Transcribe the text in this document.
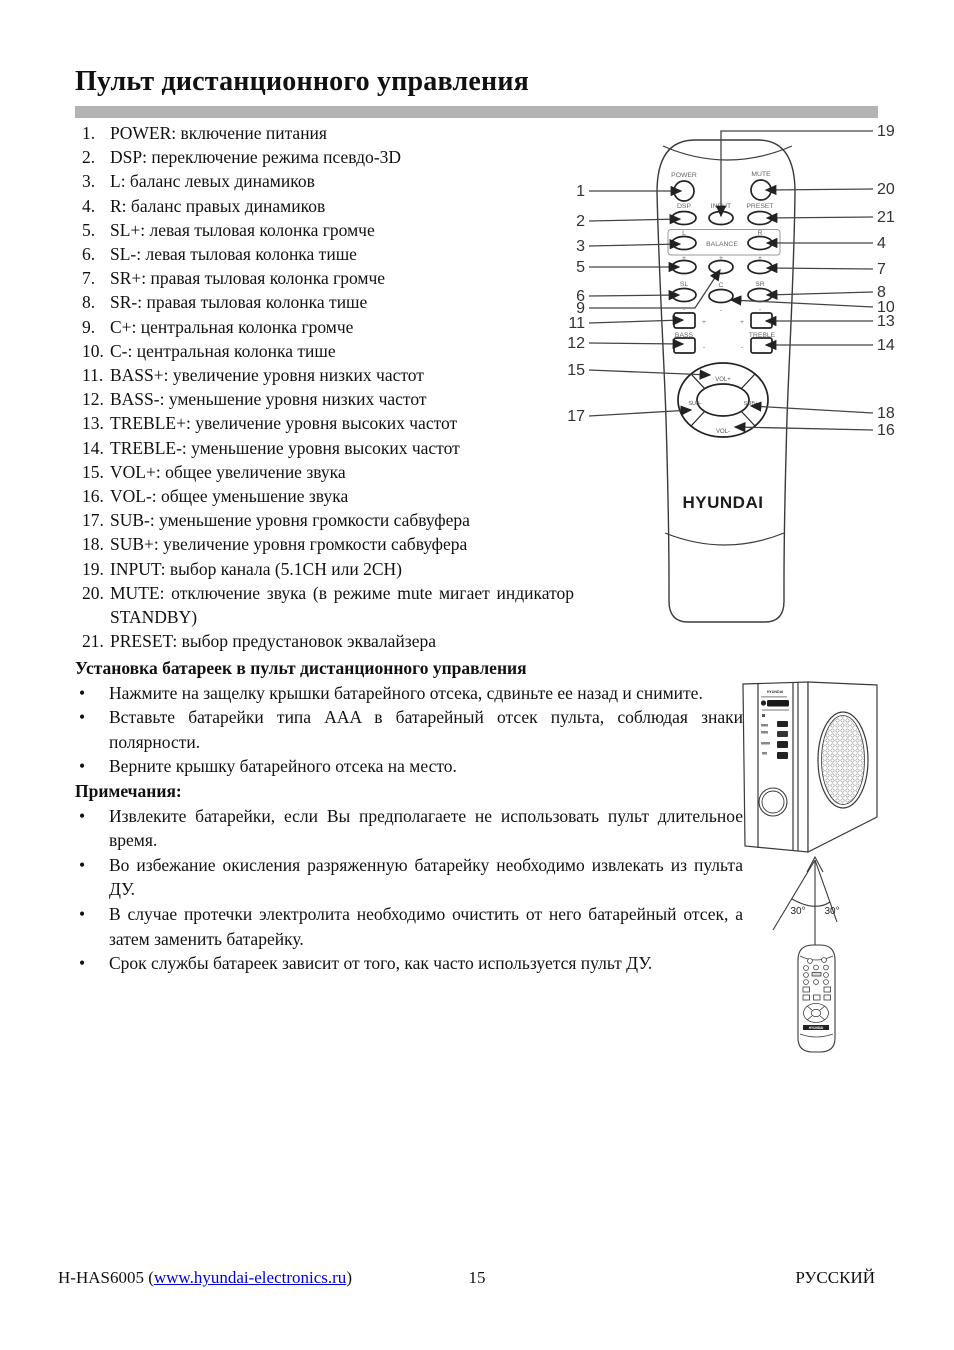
Пульт дистанционного управления
1. POWER: включение питания
2. DSP: переключение режима псевдо-3D
3. L: баланс левых динамиков
4. R: баланс правых динамиков
5. SL+: левая тыловая колонка громче
6. SL-: левая тыловая колонка тише
7. SR+: правая тыловая колонка громче
8. SR-: правая тыловая колонка тише
9. C+: центральная колонка громче
10. C-: центральная колонка тише
11. BASS+: увеличение уровня низких частот
12. BASS-: уменьшение уровня низких частот
13. TREBLE+: увеличение уровня высоких частот
14. TREBLE-: уменьшение уровня высоких частот
15. VOL+: общее увеличение звука
16. VOL-: общее уменьшение звука
17. SUB-: уменьшение уровня громкости сабвуфера
18. SUB+: увеличение уровня громкости сабвуфера
19. INPUT: выбор канала (5.1CH или 2CH)
20. MUTE: отключение звука (в режиме mute мигает индикатор STANDBY)
21. PRESET: выбор предустановок эквалайзера
POWER	MUTE
DSP	INPUT PRESET
L	R
BALANCE
+	+	+
SL	C	SR
-	-	-
+
-
+
-
BASS	TREBLE
VOL+
VOL-
SUB-	SUB+
HYUNDAI
1
2
3
5
6
9
11
12
15
17
19
20
21
4
7
8
10
13
14
18
16
Установка батареек в пульт дистанционного управления
•	Нажмите на защелку крышки батарейного отсека, сдвиньте ее назад и снимите.
•	Вставьте батарейки типа AAA в батарейный отсек пульта, соблюдая знаки полярности.
•	Верните крышку батарейного отсека на место.
Примечания:
•	Извлеките батарейки, если Вы предполагаете не использовать пульт длительное время.
•	Во избежание окисления разряженную батарейку необходимо извлекать из пульта ДУ.
•	В случае протечки электролита необходимо очистить от него батарейный отсек, а затем заменить батарейку.
•	Срок службы батареек зависит от того, как часто используется пульт ДУ.
HYUNDAI
30° 30°
HYUNDAI
H-HAS6005 (www.hyundai-electronics.ru)	15	РУССКИЙ
